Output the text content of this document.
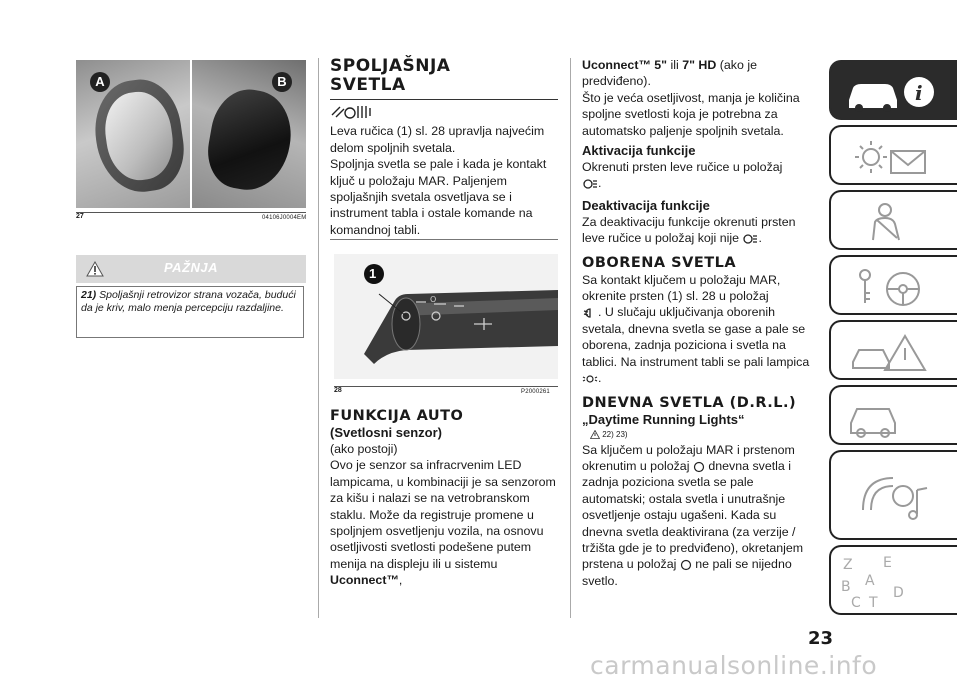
A	B
27	04106J0004EM
PAŽNJA
21) Spoljašnji retrovizor strana vozača, budući da je kriv, malo menja percepciju razdaljine.
SPOLJAŠNJA
SVETLA

Leva ručica (1) sl. 28 upravlja najvećim delom spoljnih svetala.

Spoljnja svetla se pale i kada je kontakt ključ u položaju MAR. Paljenjem spoljašnjih svetala osvetljava se i instrument tabla i ostale komande na komandnoj tabli.

O
1
28	P2000261
FUNKCIJA AUTO
(Svetlosni senzor)

(ako postoji)

Ovo je senzor sa infracrvenim LED lampicama, u kombinaciji je sa senzorom za kišu i nalazi se na vetrobranskom staklu. Može da registruje promene u spoljnjem osvetljenju vozila, na osnovu osetljivosti svetlosti podešene putem menija na displeju ili u sistemu Uconnect™,

Uconnect™ 5" ili 7" HD (ako je predviđeno).

Što je veća osetljivost, manja je količina spoljne svetlosti koja je potrebna za automatsko paljenje spoljnih svetala.

Aktivacija funkcije

Okrenuti prsten leve ručice u položaj
.

Deaktivacija funkcije

Za deaktivaciju funkcije okrenuti prsten leve ručice u položaj koji nije .

OBORENA SVETLA

Sa kontakt ključem u položaju MAR, okrenite prsten (1) sl. 28 u položaj
. U slučaju uključivanja oborenih svetala, dnevna svetla se gase a pale se oborena, zadnja poziciona i svetla na tablici. Na instrument tabli se pali lampica .

DNEVNA SVETLA (D.R.L.)
„Daytime Running Lights“
22) 23)

Sa ključem u položaju MAR i prstenom okrenutim u položaj dnevna svetla i zadnja poziciona svetla se pale automatski; ostala svetla i unutrašnje osvetljenje ostaju ugašeni. Kada su dnevna svetla deaktivirana (za verzije / tržišta gde je to predviđeno), okretanjem prstena u položaj ne pali se nijedno svetlo.

i
Z E
A
B
C T
D
23
carmanualsonline.info
